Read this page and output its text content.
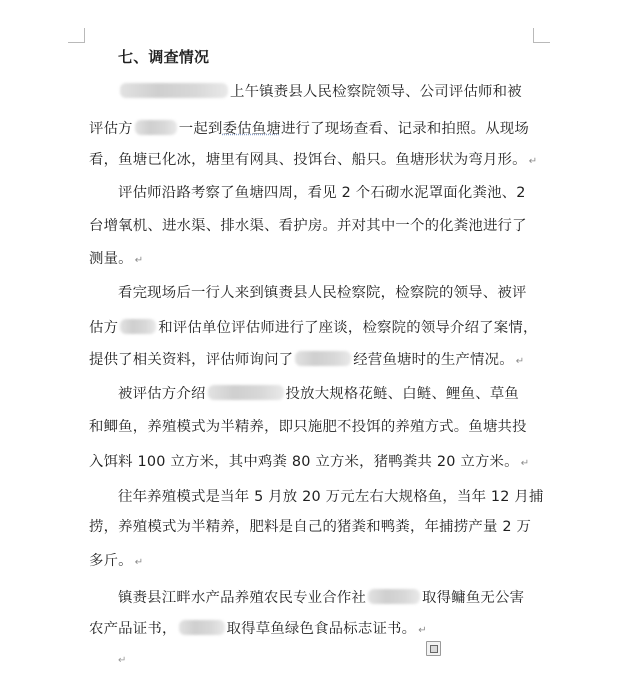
七、调查情况
上午镇赉县人民检察院领导、公司评估师和被
评估方	一起到委估鱼塘进行了现场查看、记录和拍照。从现场
看，鱼塘已化冰，塘里有网具、投饵台、船只。鱼塘形状为弯月形。 ↵
评估师沿路考察了鱼塘四周，看见 2 个石砌水泥罩面化粪池、2
台增氧机、进水渠、排水渠、看护房。并对其中一个的化粪池进行了
测量。 ↵
看完现场后一行人来到镇赉县人民检察院，检察院的领导、被评
估方	和评估单位评估师进行了座谈，检察院的领导介绍了案情，
提供了相关资料，评估师询问了	经营鱼塘时的生产情况。 ↵
被评估方介绍	投放大规格花鲢、白鲢、鲤鱼、草鱼
和鲫鱼，养殖模式为半精养，即只施肥不投饵的养殖方式。鱼塘共投
入饵料 100 立方米，其中鸡粪 80 立方米，猪鸭粪共 20 立方米。 ↵
往年养殖模式是当年 5 月放 20 万元左右大规格鱼，当年 12 月捕
捞，养殖模式为半精养，肥料是自己的猪粪和鸭粪，年捕捞产量 2 万
多斤。 ↵
镇赉县江畔水产品养殖农民专业合作社	取得鳙鱼无公害
农产品证书，	取得草鱼绿色食品标志证书。 ↵
↵
